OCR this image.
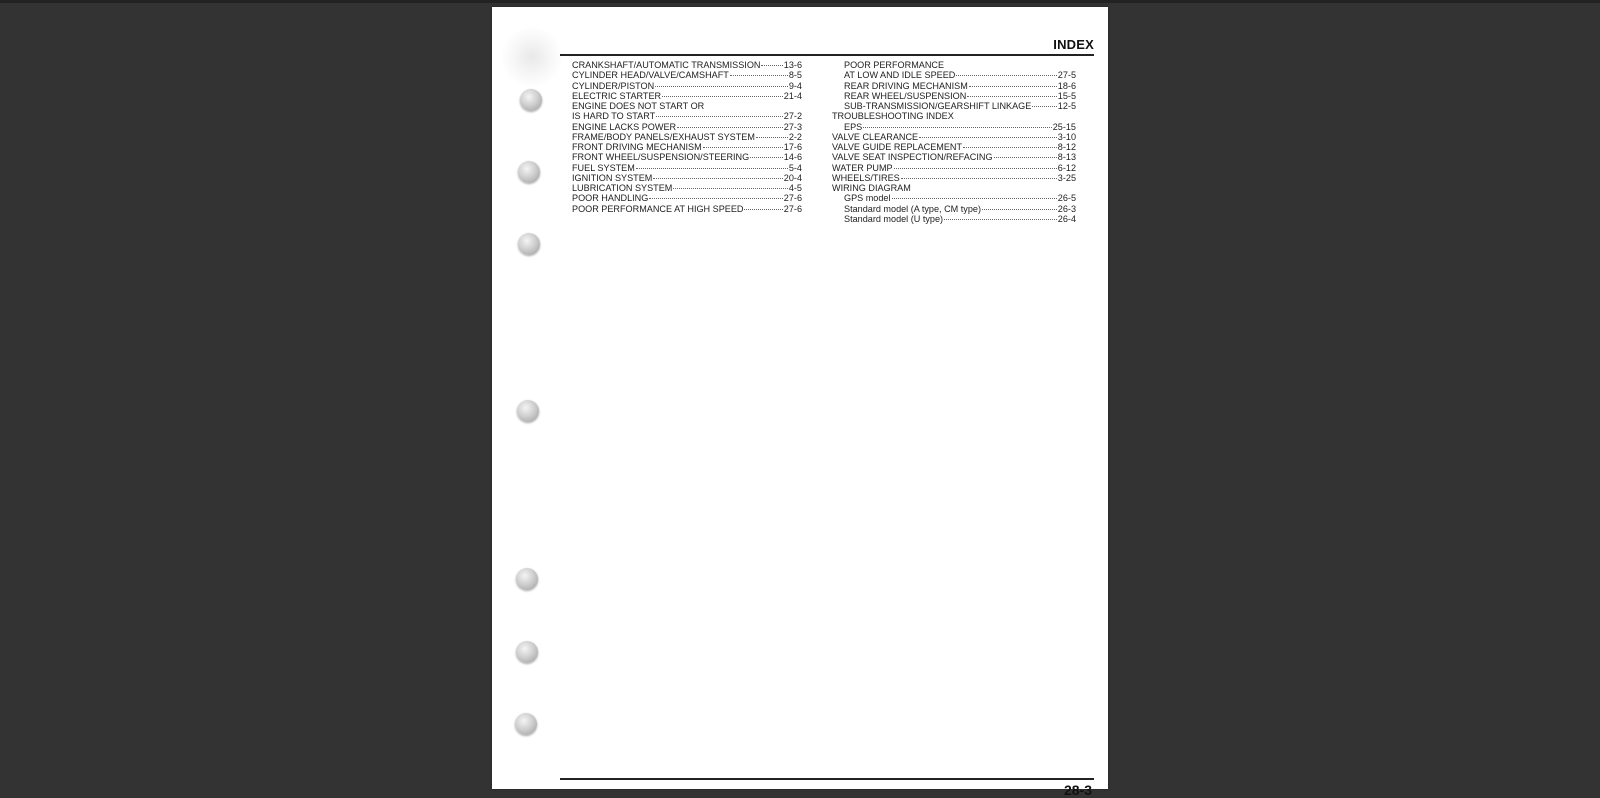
INDEX
CRANKSHAFT/AUTOMATIC TRANSMISSION	13-6
CYLINDER HEAD/VALVE/CAMSHAFT	8-5
CYLINDER/PISTON	9-4
ELECTRIC STARTER	21-4
ENGINE DOES NOT START OR
IS HARD TO START	27-2
ENGINE LACKS POWER	27-3
FRAME/BODY PANELS/EXHAUST SYSTEM	2-2
FRONT DRIVING MECHANISM	17-6
FRONT WHEEL/SUSPENSION/STEERING	14-6
FUEL SYSTEM	5-4
IGNITION SYSTEM	20-4
LUBRICATION SYSTEM	4-5
POOR HANDLING	27-6
POOR PERFORMANCE AT HIGH SPEED	27-6
POOR PERFORMANCE
AT LOW AND IDLE SPEED	27-5
REAR DRIVING MECHANISM	18-6
REAR WHEEL/SUSPENSION	15-5
SUB-TRANSMISSION/GEARSHIFT LINKAGE	12-5
TROUBLESHOOTING INDEX
EPS	25-15
VALVE CLEARANCE	3-10
VALVE GUIDE REPLACEMENT	8-12
VALVE SEAT INSPECTION/REFACING	8-13
WATER PUMP	6-12
WHEELS/TIRES	3-25
WIRING DIAGRAM
GPS model	26-5
Standard model (A type, CM type)	26-3
Standard model (U type)	26-4
28-3
